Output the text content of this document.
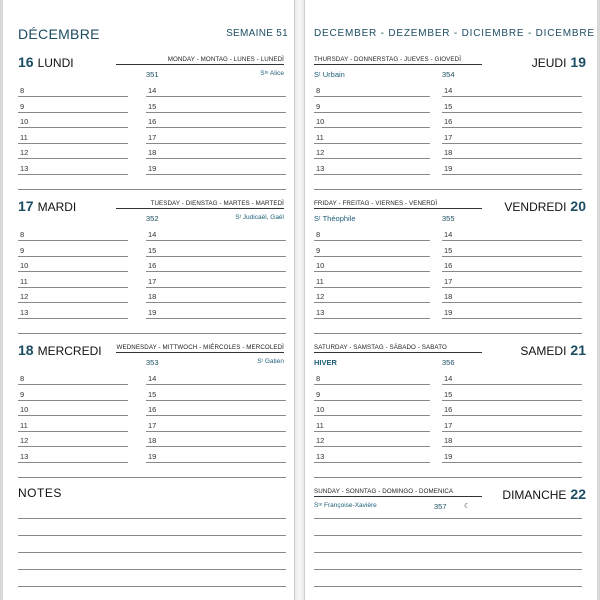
DÉCEMBRE	SEMAINE 51
16 LUNDI	MONDAY - MONTAG - LUNES - LUNEDÌ
351	Sᵗᵉ Alice
8	14
9	15
10	16
11	17
12	18
13	19
17 MARDI	TUESDAY - DIENSTAG - MARTES - MARTEDÌ
352	Sᵗ Judicaël, Gaël
8	14
9	15
10	16
11	17
12	18
13	19
18 MERCREDI WEDNESDAY - MITTWOCH - MIÉRCOLES - MERCOLEDÌ
353	Sᵗ Gatien
8	14
9	15
10	16
11	17
12	18
13	19
NOTES
DECEMBER - DEZEMBER - DICIEMBRE - DICEMBRE
JEUDI 19
THURSDAY - DONNERSTAG - JUEVES - GIOVEDÌ
Sᵗ Urbain	354
8	14
9	15
10	16
11	17
12	18
13	19
VENDREDI 20
FRIDAY - FREITAG - VIERNES - VENERDÌ
Sᵗ Théophile	355
8	14
9	15
10	16
11	17
12	18
13	19
SAMEDI 21
SATURDAY - SAMSTAG - SÁBADO - SABATO
HIVER	356
8	14
9	15
10	16
11	17
12	18
13	19
DIMANCHE 22
SUNDAY - SONNTAG - DOMINGO - DOMENICA
Sᵗᵉ Françoise-Xavière	357 ☾
